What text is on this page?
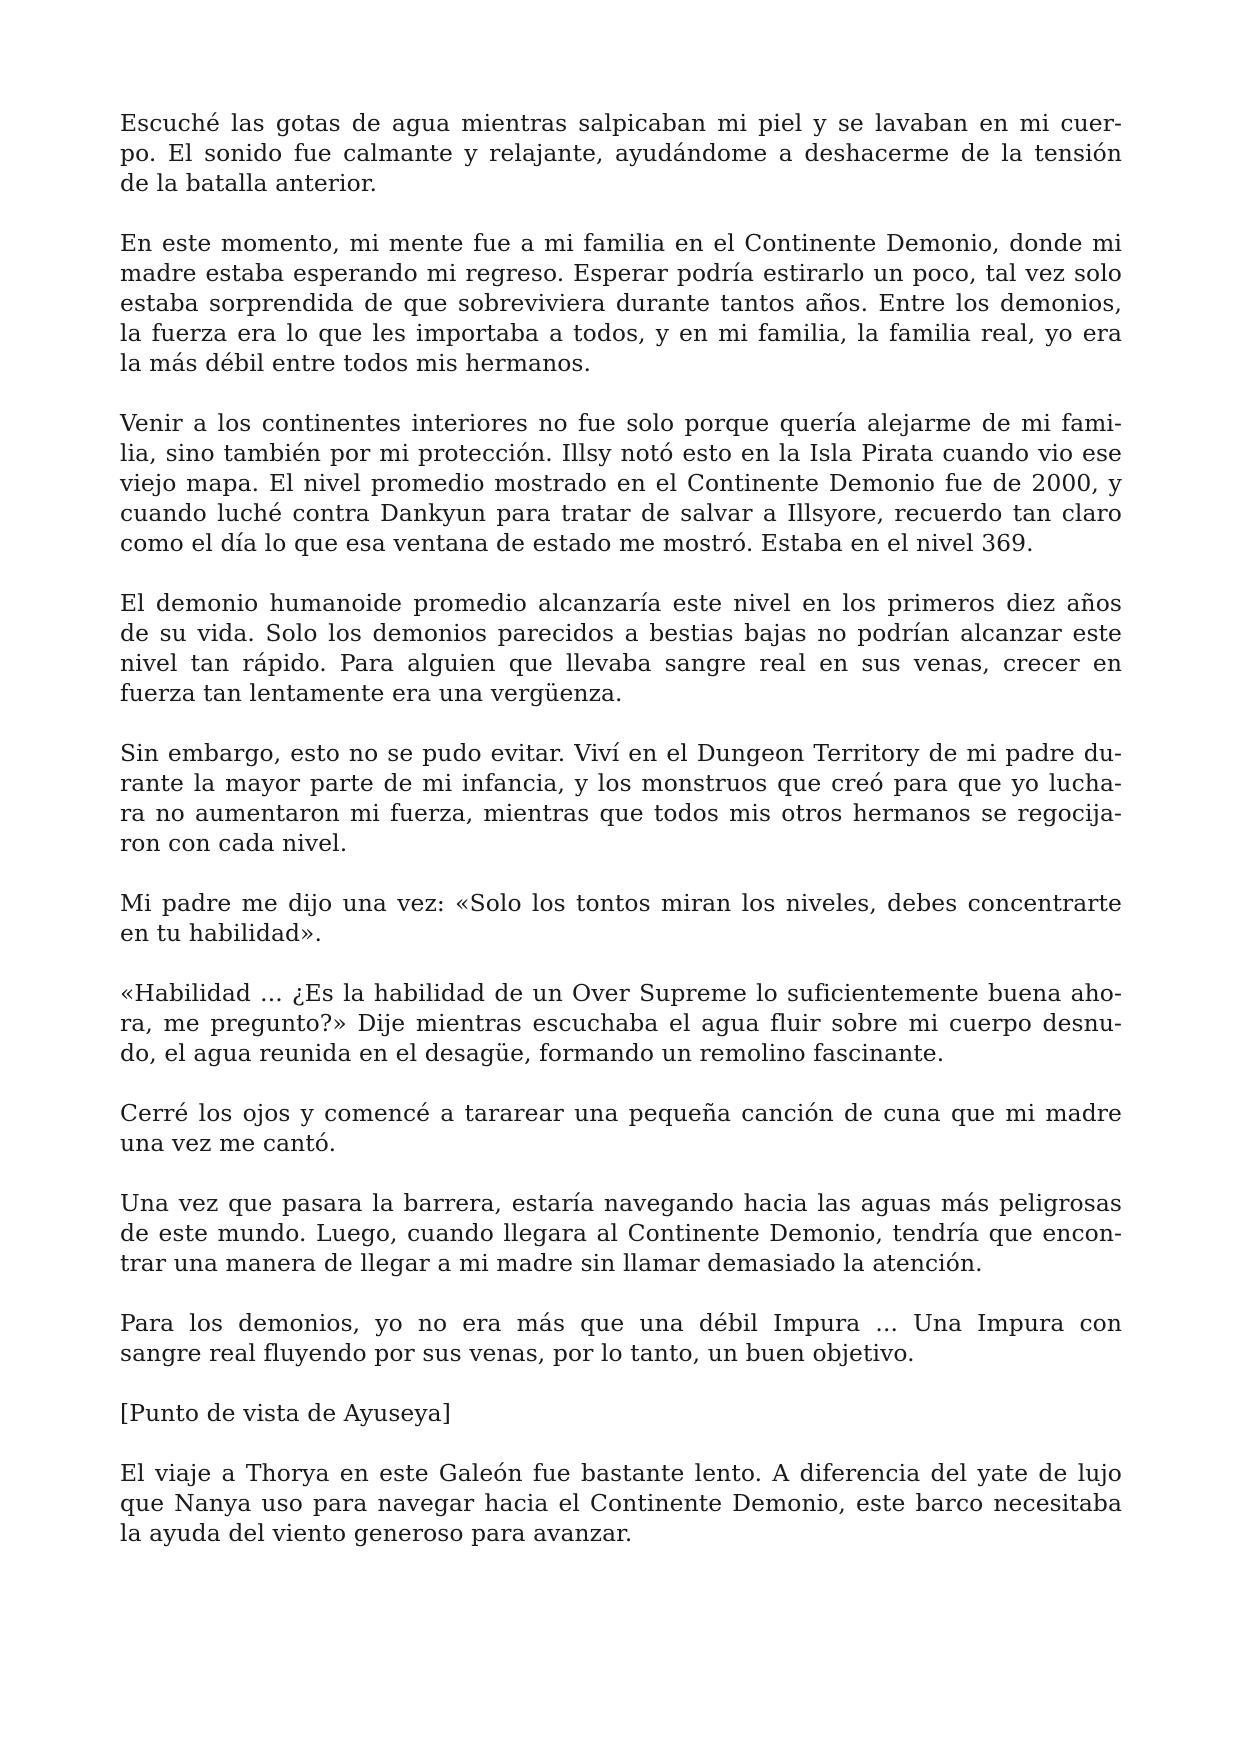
Escuché las gotas de agua mientras salpicaban mi piel y se lavaban en mi cuer-
po. El sonido fue calmante y relajante, ayudándome a deshacerme de la tensión
de la batalla anterior.

En este momento, mi mente fue a mi familia en el Continente Demonio, donde mi
madre estaba esperando mi regreso. Esperar podría estirarlo un poco, tal vez solo
estaba sorprendida de que sobreviviera durante tantos años. Entre los demonios,
la fuerza era lo que les importaba a todos, y en mi familia, la familia real, yo era
la más débil entre todos mis hermanos.

Venir a los continentes interiores no fue solo porque quería alejarme de mi fami-
lia, sino también por mi protección. Illsy notó esto en la Isla Pirata cuando vio ese
viejo mapa. El nivel promedio mostrado en el Continente Demonio fue de 2000, y
cuando luché contra Dankyun para tratar de salvar a Illsyore, recuerdo tan claro
como el día lo que esa ventana de estado me mostró. Estaba en el nivel 369.

El demonio humanoide promedio alcanzaría este nivel en los primeros diez años
de su vida. Solo los demonios parecidos a bestias bajas no podrían alcanzar este
nivel tan rápido. Para alguien que llevaba sangre real en sus venas, crecer en
fuerza tan lentamente era una vergüenza.

Sin embargo, esto no se pudo evitar. Viví en el Dungeon Territory de mi padre du-
rante la mayor parte de mi infancia, y los monstruos que creó para que yo lucha-
ra no aumentaron mi fuerza, mientras que todos mis otros hermanos se regocija-
ron con cada nivel.

Mi padre me dijo una vez: «Solo los tontos miran los niveles, debes concentrarte
en tu habilidad».

«Habilidad ... ¿Es la habilidad de un Over Supreme lo suficientemente buena aho-
ra, me pregunto?» Dije mientras escuchaba el agua fluir sobre mi cuerpo desnu-
do, el agua reunida en el desagüe, formando un remolino fascinante.

Cerré los ojos y comencé a tararear una pequeña canción de cuna que mi madre
una vez me cantó.

Una vez que pasara la barrera, estaría navegando hacia las aguas más peligrosas
de este mundo. Luego, cuando llegara al Continente Demonio, tendría que encon-
trar una manera de llegar a mi madre sin llamar demasiado la atención.

Para los demonios, yo no era más que una débil Impura ... Una Impura con
sangre real fluyendo por sus venas, por lo tanto, un buen objetivo.

[Punto de vista de Ayuseya]

El viaje a Thorya en este Galeón fue bastante lento. A diferencia del yate de lujo
que Nanya uso para navegar hacia el Continente Demonio, este barco necesitaba
la ayuda del viento generoso para avanzar.
